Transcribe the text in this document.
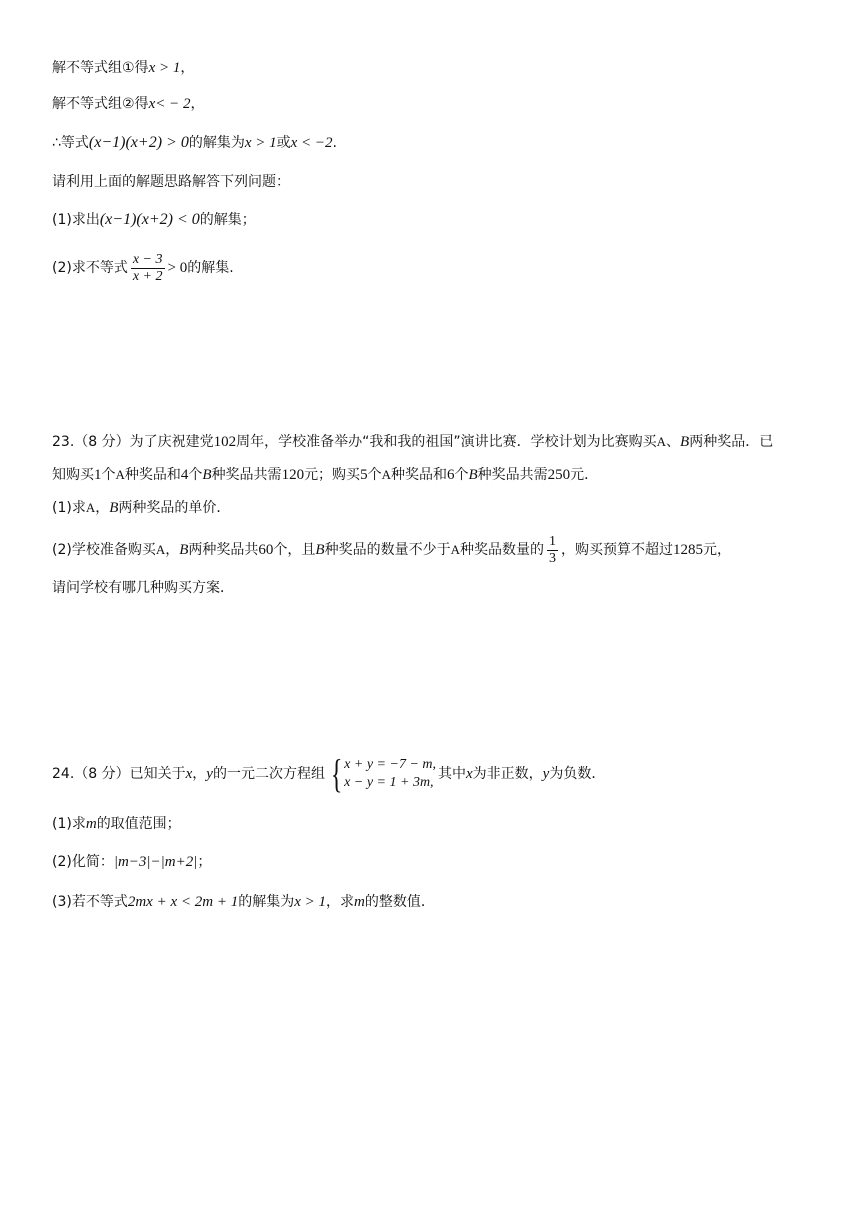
解不等式组①得x > 1，
解不等式组②得x< − 2，
∴等式(x−1)(x+2) > 0的解集为x > 1或x < −2.
请利用上面的解题思路解答下列问题：
(1)求出(x−1)(x+2) < 0的解集；
(2)求不等式 $\frac{x - 3}{x + 2} > 0$的解集.
23.（8 分）为了庆祝建党102周年，学校准备举办“我和我的祖国”演讲比赛．学校计划为比赛购买A、B两种奖品．已
知购买1个A种奖品和4个B种奖品共需120元；购买5个A种奖品和6个B种奖品共需250元．
(1)求A，B两种奖品的单价．
(2)学校准备购买A，B两种奖品共60个，且B种奖品的数量不少于A种奖品数量的 $\frac{1}{3}$ ，购买预算不超过1285元，
请问学校有哪几种购买方案．
24.（8 分）已知关于x，y的一元二次方程组 { x + y = −7 − m,
x − y = 1 + 3m,
其中x为非正数，y为负数．
(1)求m的取值范围；
(2)化简：|m−3|−|m+2|；
(3)若不等式2mx + x < 2m + 1的解集为x > 1，求m的整数值．
